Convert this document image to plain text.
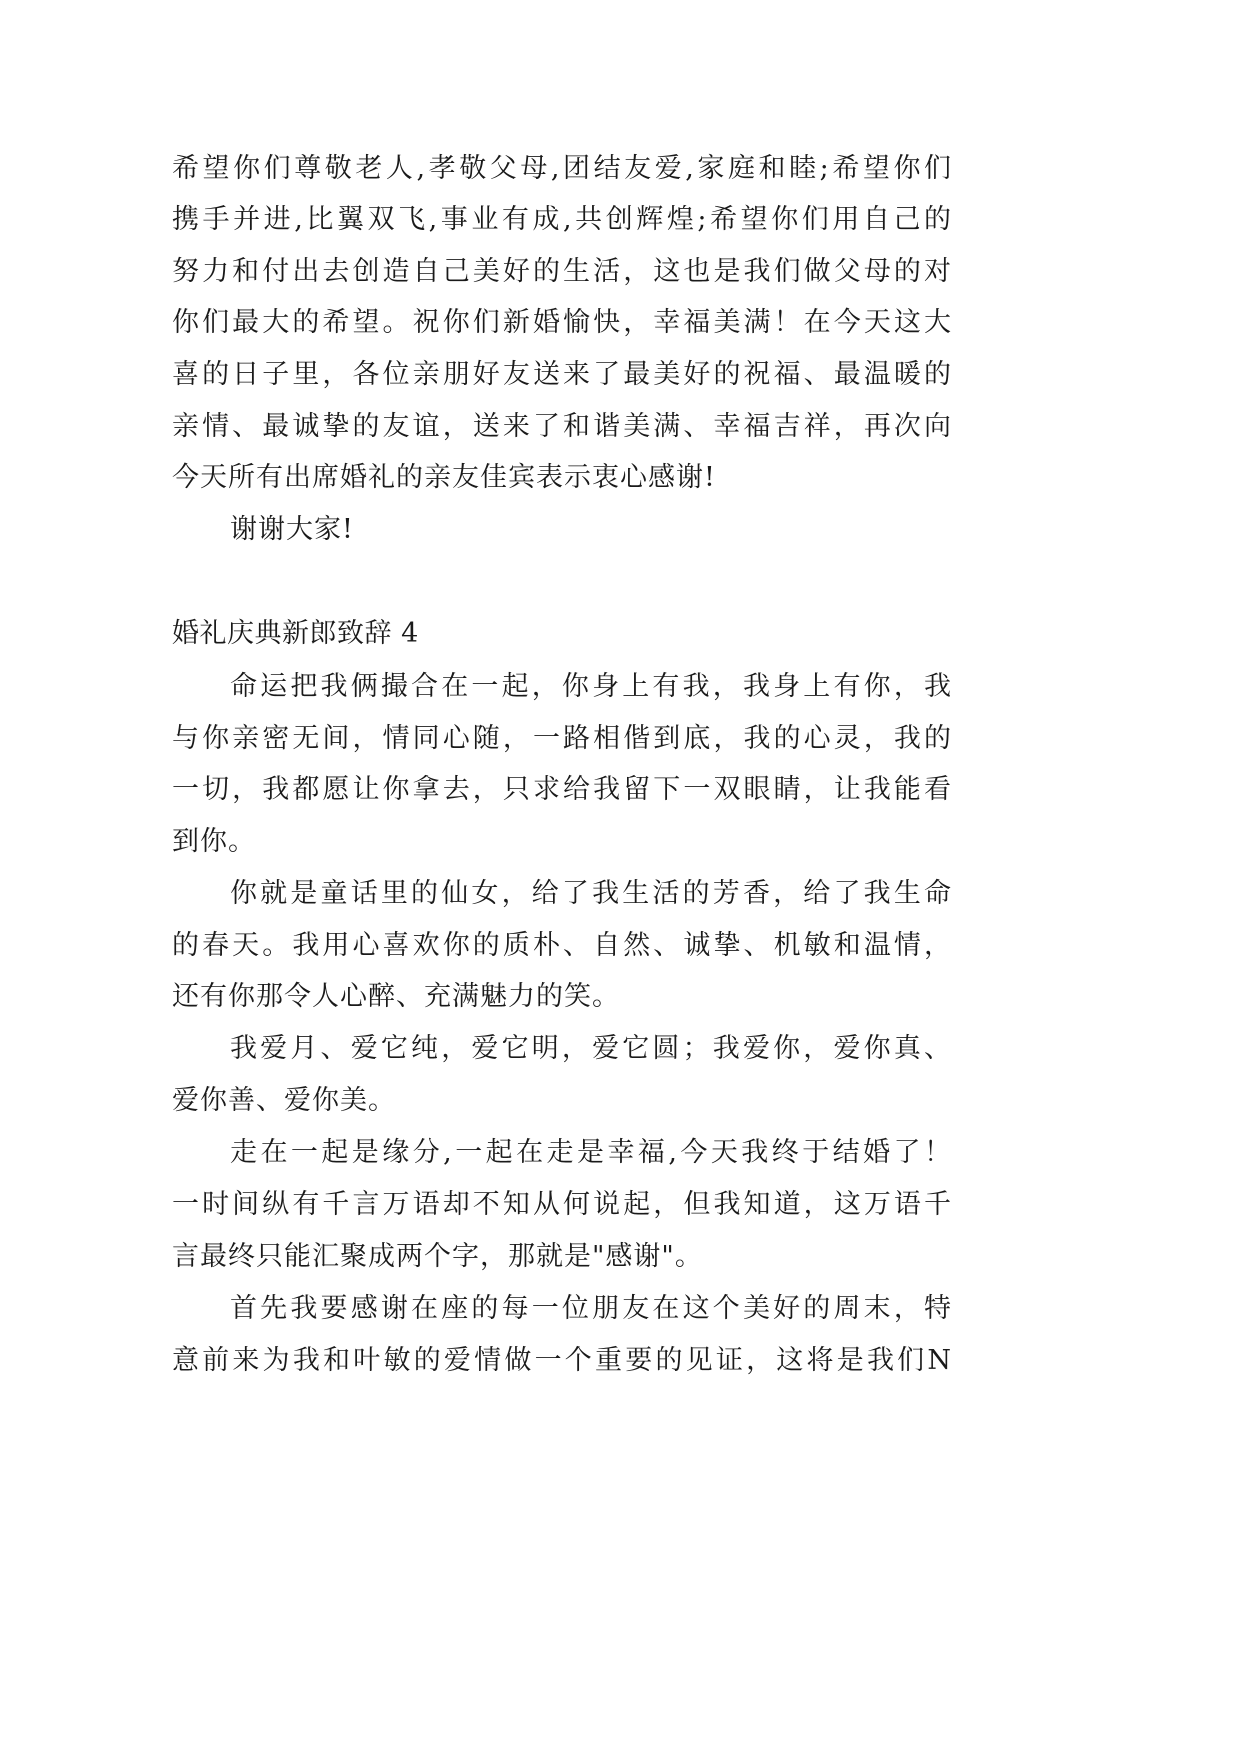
希望你们尊敬老人,孝敬父母,团结友爱,家庭和睦;希望你们
携手并进,比翼双飞,事业有成,共创辉煌;希望你们用自己的
努力和付出去创造自己美好的生活，这也是我们做父母的对
你们最大的希望。祝你们新婚愉快，幸福美满！在今天这大
喜的日子里，各位亲朋好友送来了最美好的祝福、最温暖的
亲情、最诚挚的友谊，送来了和谐美满、幸福吉祥，再次向
今天所有出席婚礼的亲友佳宾表示衷心感谢!
谢谢大家!
婚礼庆典新郎致辞 4
命运把我俩撮合在一起，你身上有我，我身上有你，我
与你亲密无间，情同心随，一路相偕到底，我的心灵，我的
一切，我都愿让你拿去，只求给我留下一双眼睛，让我能看
到你。
你就是童话里的仙女，给了我生活的芳香，给了我生命
的春天。我用心喜欢你的质朴、自然、诚挚、机敏和温情，
还有你那令人心醉、充满魅力的笑。
我爱月、爱它纯，爱它明，爱它圆；我爱你，爱你真、
爱你善、爱你美。
走在一起是缘分,一起在走是幸福,今天我终于结婚了！
一时间纵有千言万语却不知从何说起，但我知道，这万语千
言最终只能汇聚成两个字，那就是"感谢"。
首先我要感谢在座的每一位朋友在这个美好的周末，特
意前来为我和叶敏的爱情做一个重要的见证，这将是我们N
